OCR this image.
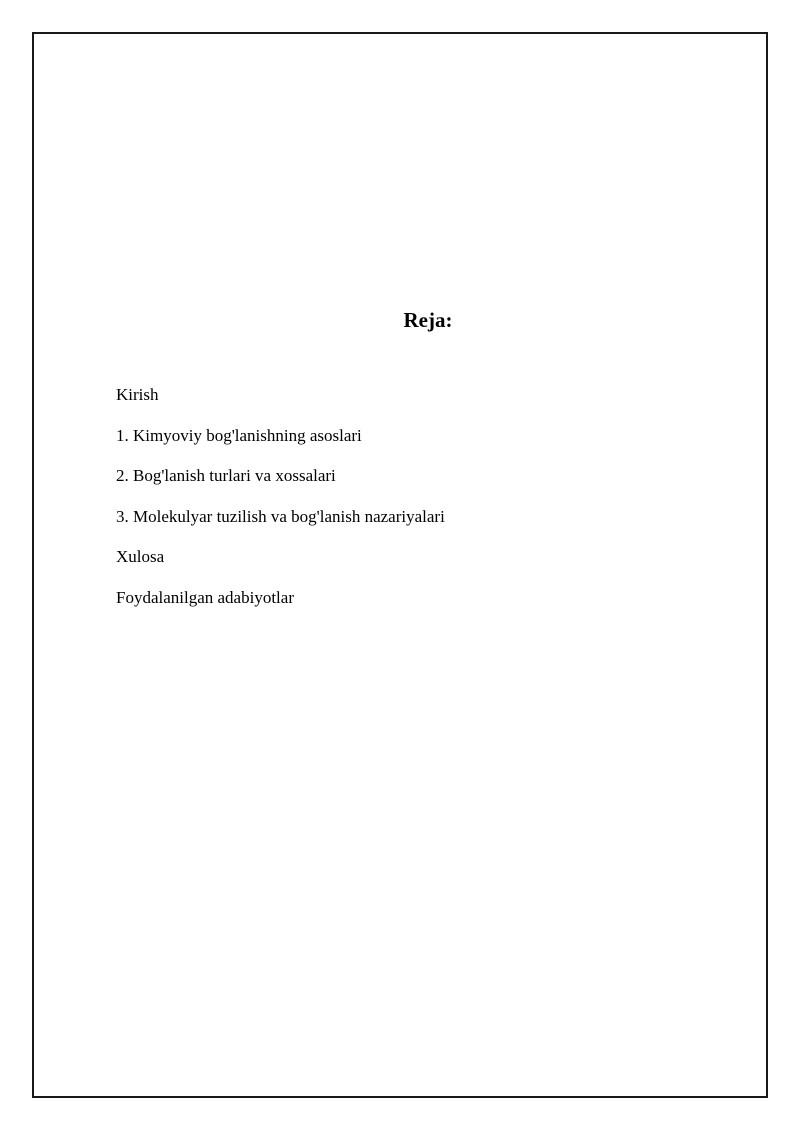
Reja:
Kirish
1. Kimyoviy bog'lanishning asoslari
2. Bog'lanish turlari va xossalari
3. Molekulyar tuzilish va bog'lanish nazariyalari
Xulosa
Foydalanilgan adabiyotlar
